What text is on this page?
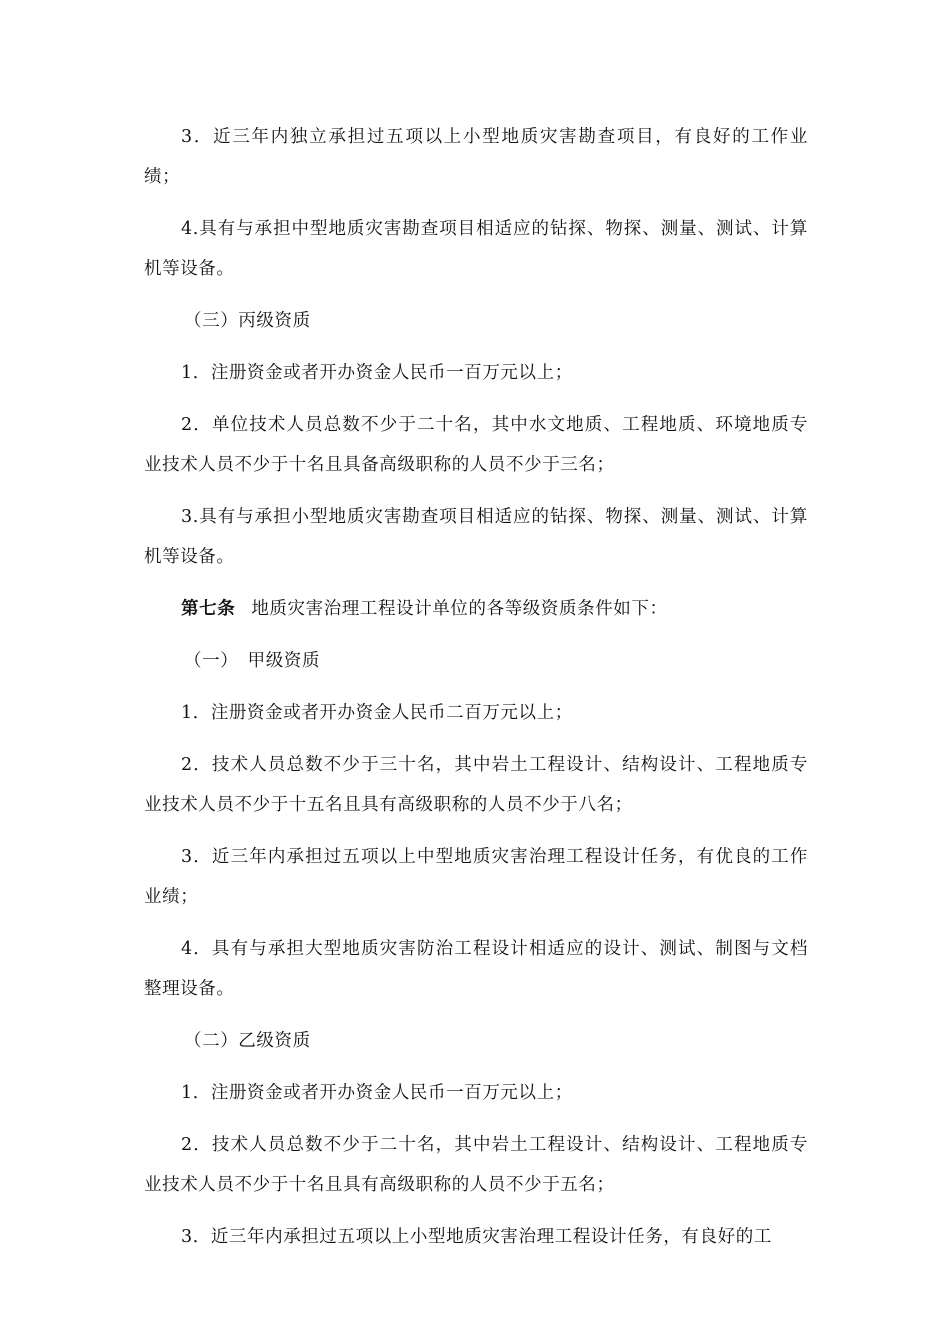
3．近三年内独立承担过五项以上小型地质灾害勘查项目，有良好的工作业绩；

4.具有与承担中型地质灾害勘查项目相适应的钻探、物探、测量、测试、计算机等设备。

（三）丙级资质

1．注册资金或者开办资金人民币一百万元以上；

2．单位技术人员总数不少于二十名，其中水文地质、工程地质、环境地质专业技术人员不少于十名且具备高级职称的人员不少于三名；

3.具有与承担小型地质灾害勘查项目相适应的钻探、物探、测量、测试、计算机等设备。

第七条 地质灾害治理工程设计单位的各等级资质条件如下：

（一）　甲级资质

1．注册资金或者开办资金人民币二百万元以上；

2．技术人员总数不少于三十名，其中岩土工程设计、结构设计、工程地质专业技术人员不少于十五名且具有高级职称的人员不少于八名；

3．近三年内承担过五项以上中型地质灾害治理工程设计任务，有优良的工作业绩；

4．具有与承担大型地质灾害防治工程设计相适应的设计、测试、制图与文档整理设备。

（二）乙级资质

1．注册资金或者开办资金人民币一百万元以上；

2．技术人员总数不少于二十名，其中岩土工程设计、结构设计、工程地质专业技术人员不少于十名且具有高级职称的人员不少于五名；

3．近三年内承担过五项以上小型地质灾害治理工程设计任务，有良好的工
